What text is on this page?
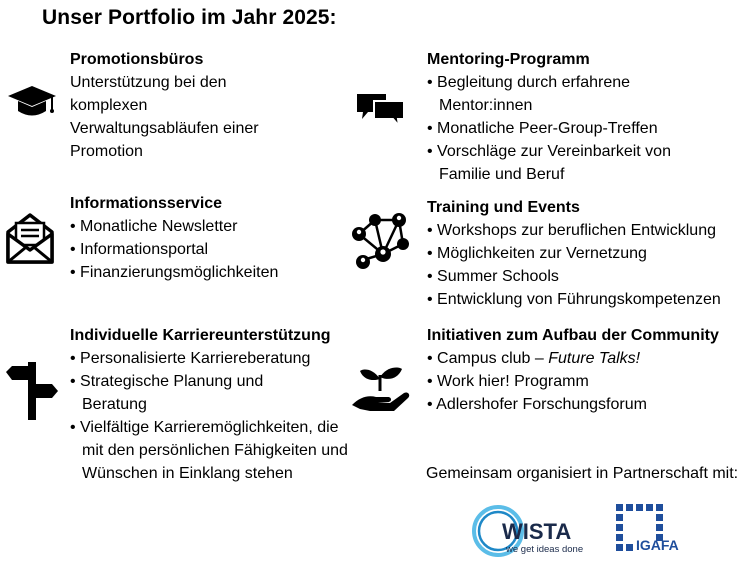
Unser Portfolio im Jahr 2025:
Promotionsbüros
Unterstützung bei den
komplexen
Verwaltungsabläufen einer
Promotion
Informationsservice
• Monatliche Newsletter
• Informationsportal
• Finanzierungsmöglichkeiten
Individuelle Karriereunterstützung
• Personalisierte Karriereberatung
• Strategische Planung und Beratung
• Vielfältige Karrieremöglichkeiten, die mit den persönlichen Fähigkeiten und Wünschen in Einklang stehen
Mentoring-Programm
• Begleitung durch erfahrene Mentor:innen
• Monatliche Peer-Group-Treffen
• Vorschläge zur Vereinbarkeit von Familie und Beruf
Training und Events
• Workshops zur beruflichen Entwicklung
• Möglichkeiten zur Vernetzung
• Summer Schools
• Entwicklung von Führungskompetenzen
Initiativen zum Aufbau der Community
• Campus club – Future Talks!
• Work hier! Programm
• Adlershofer Forschungsforum
Gemeinsam organisiert in Partnerschaft mit:
WISTA
we get ideas done	IGAFA
